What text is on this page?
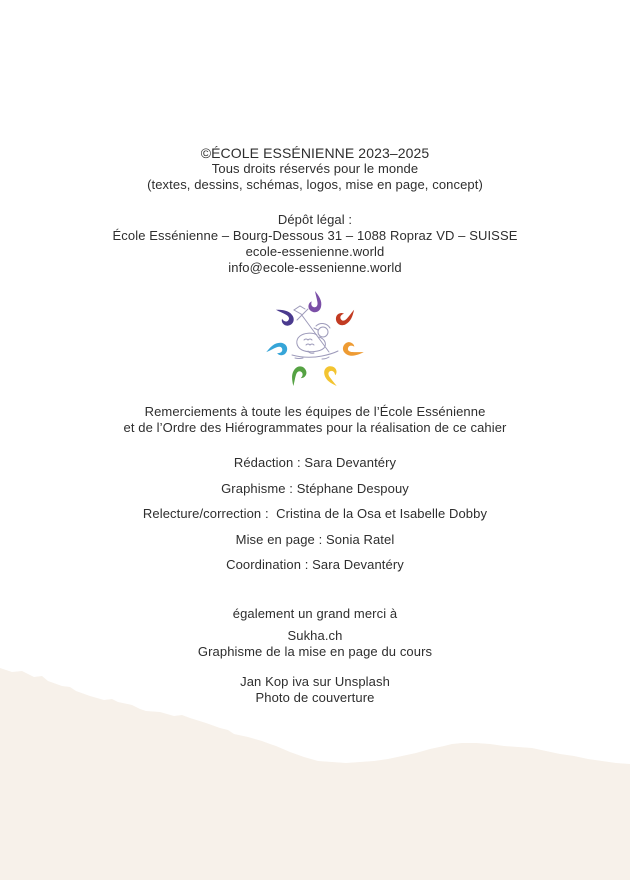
©ÉCOLE ESSÉNIENNE 2023–2025

Tous droits réservés pour le monde

(textes, dessins, schémas, logos, mise en page, concept)

Dépôt légal :

École Essénienne – Bourg-Dessous 31 – 1088 Ropraz VD – SUISSE

ecole-essenienne.world

info@ecole-essenienne.world

Remerciements à toute les équipes de l’École Essénienne

et de l’Ordre des Hiérogrammates pour la réalisation de ce cahier

Rédaction : Sara Devantéry

Graphisme : Stéphane Despouy

Relecture/correction :  Cristina de la Osa et Isabelle Dobby

Mise en page : Sonia Ratel

Coordination : Sara Devantéry

également un grand merci à

Sukha.ch

Graphisme de la mise en page du cours

Jan Kop iva sur Unsplash

Photo de couverture
